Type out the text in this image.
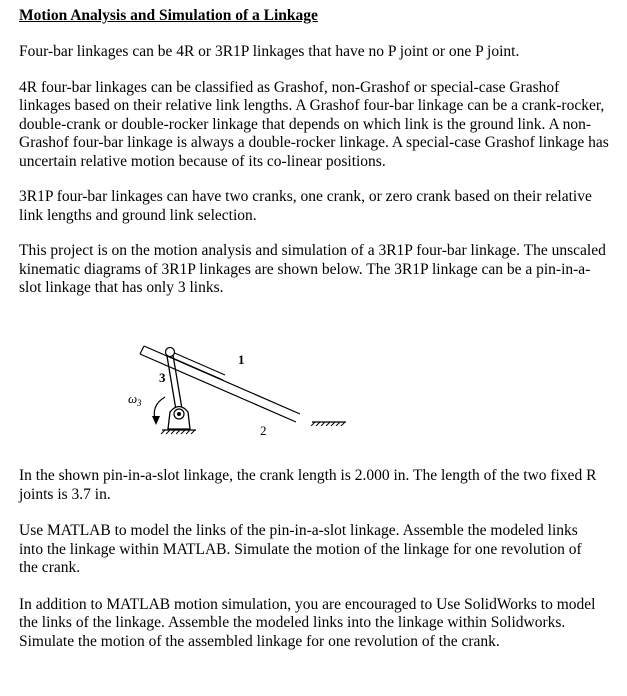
Motion Analysis and Simulation of a Linkage

Four-bar linkages can be 4R or 3R1P linkages that have no P joint or one P joint.

4R four-bar linkages can be classified as Grashof, non-Grashof or special-case Grashof linkages based on their relative link lengths. A Grashof four-bar linkage can be a crank-rocker, double-crank or double-rocker linkage that depends on which link is the ground link. A non-Grashof four-bar linkage is always a double-rocker linkage. A special-case Grashof linkage has uncertain relative motion because of its co-linear positions.

3R1P four-bar linkages can have two cranks, one crank, or zero crank based on their relative link lengths and ground link selection.

This project is on the motion analysis and simulation of a 3R1P four-bar linkage. The unscaled kinematic diagrams of 3R1P linkages are shown below. The 3R1P linkage can be a pin-in-a-slot linkage that has only 3 links.

1
3
2
ω 3

In the shown pin-in-a-slot linkage, the crank length is 2.000 in. The length of the two fixed R joints is 3.7 in.

Use MATLAB to model the links of the pin-in-a-slot linkage. Assemble the modeled links into the linkage within MATLAB. Simulate the motion of the linkage for one revolution of the crank.

In addition to MATLAB motion simulation, you are encouraged to Use SolidWorks to model the links of the linkage. Assemble the modeled links into the linkage within Solidworks. Simulate the motion of the assembled linkage for one revolution of the crank.
